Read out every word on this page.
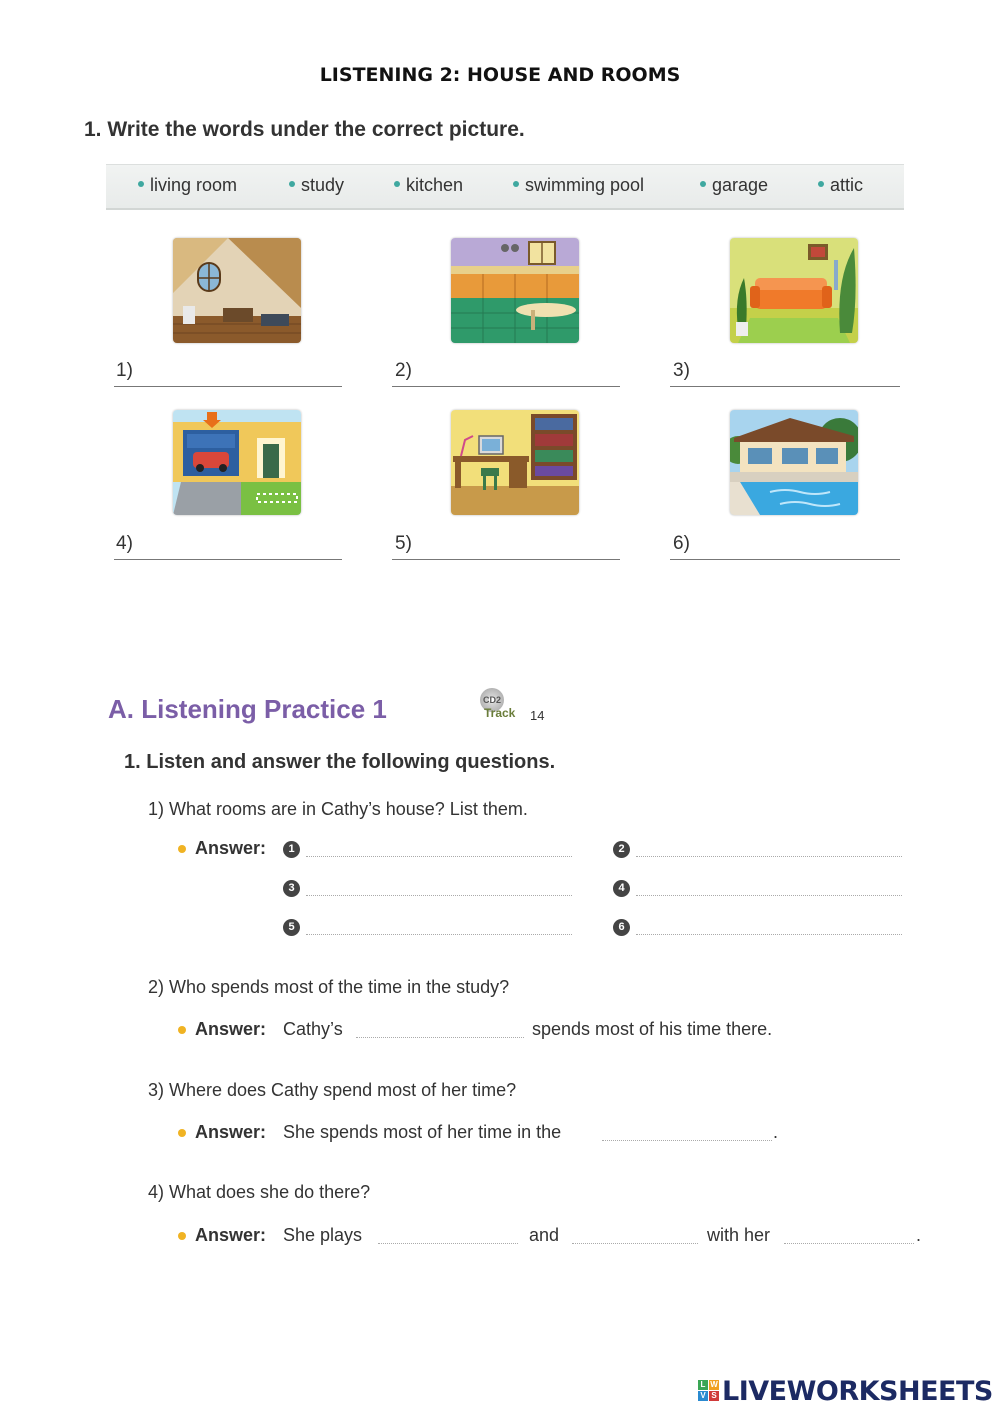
LISTENING 2: HOUSE AND ROOMS
1. Write the words under the correct picture.
living room	study	kitchen	swimming pool	garage	attic
1)	2)	3)
4)	5)	6)
A. Listening Practice 1	CD2
Track 14
1. Listen and answer the following questions.
1) What rooms are in Cathy’s house? List them.
Answer:	1	2
3	4
5	6
2) Who spends most of the time in the study?
Answer: Cathy’s	spends most of his time there.
3) Where does Cathy spend most of her time?
Answer: She spends most of her time in the	.
4) What does she do there?
Answer: She plays	and	with her	.
L W
V S LIVEWORKSHEETS
